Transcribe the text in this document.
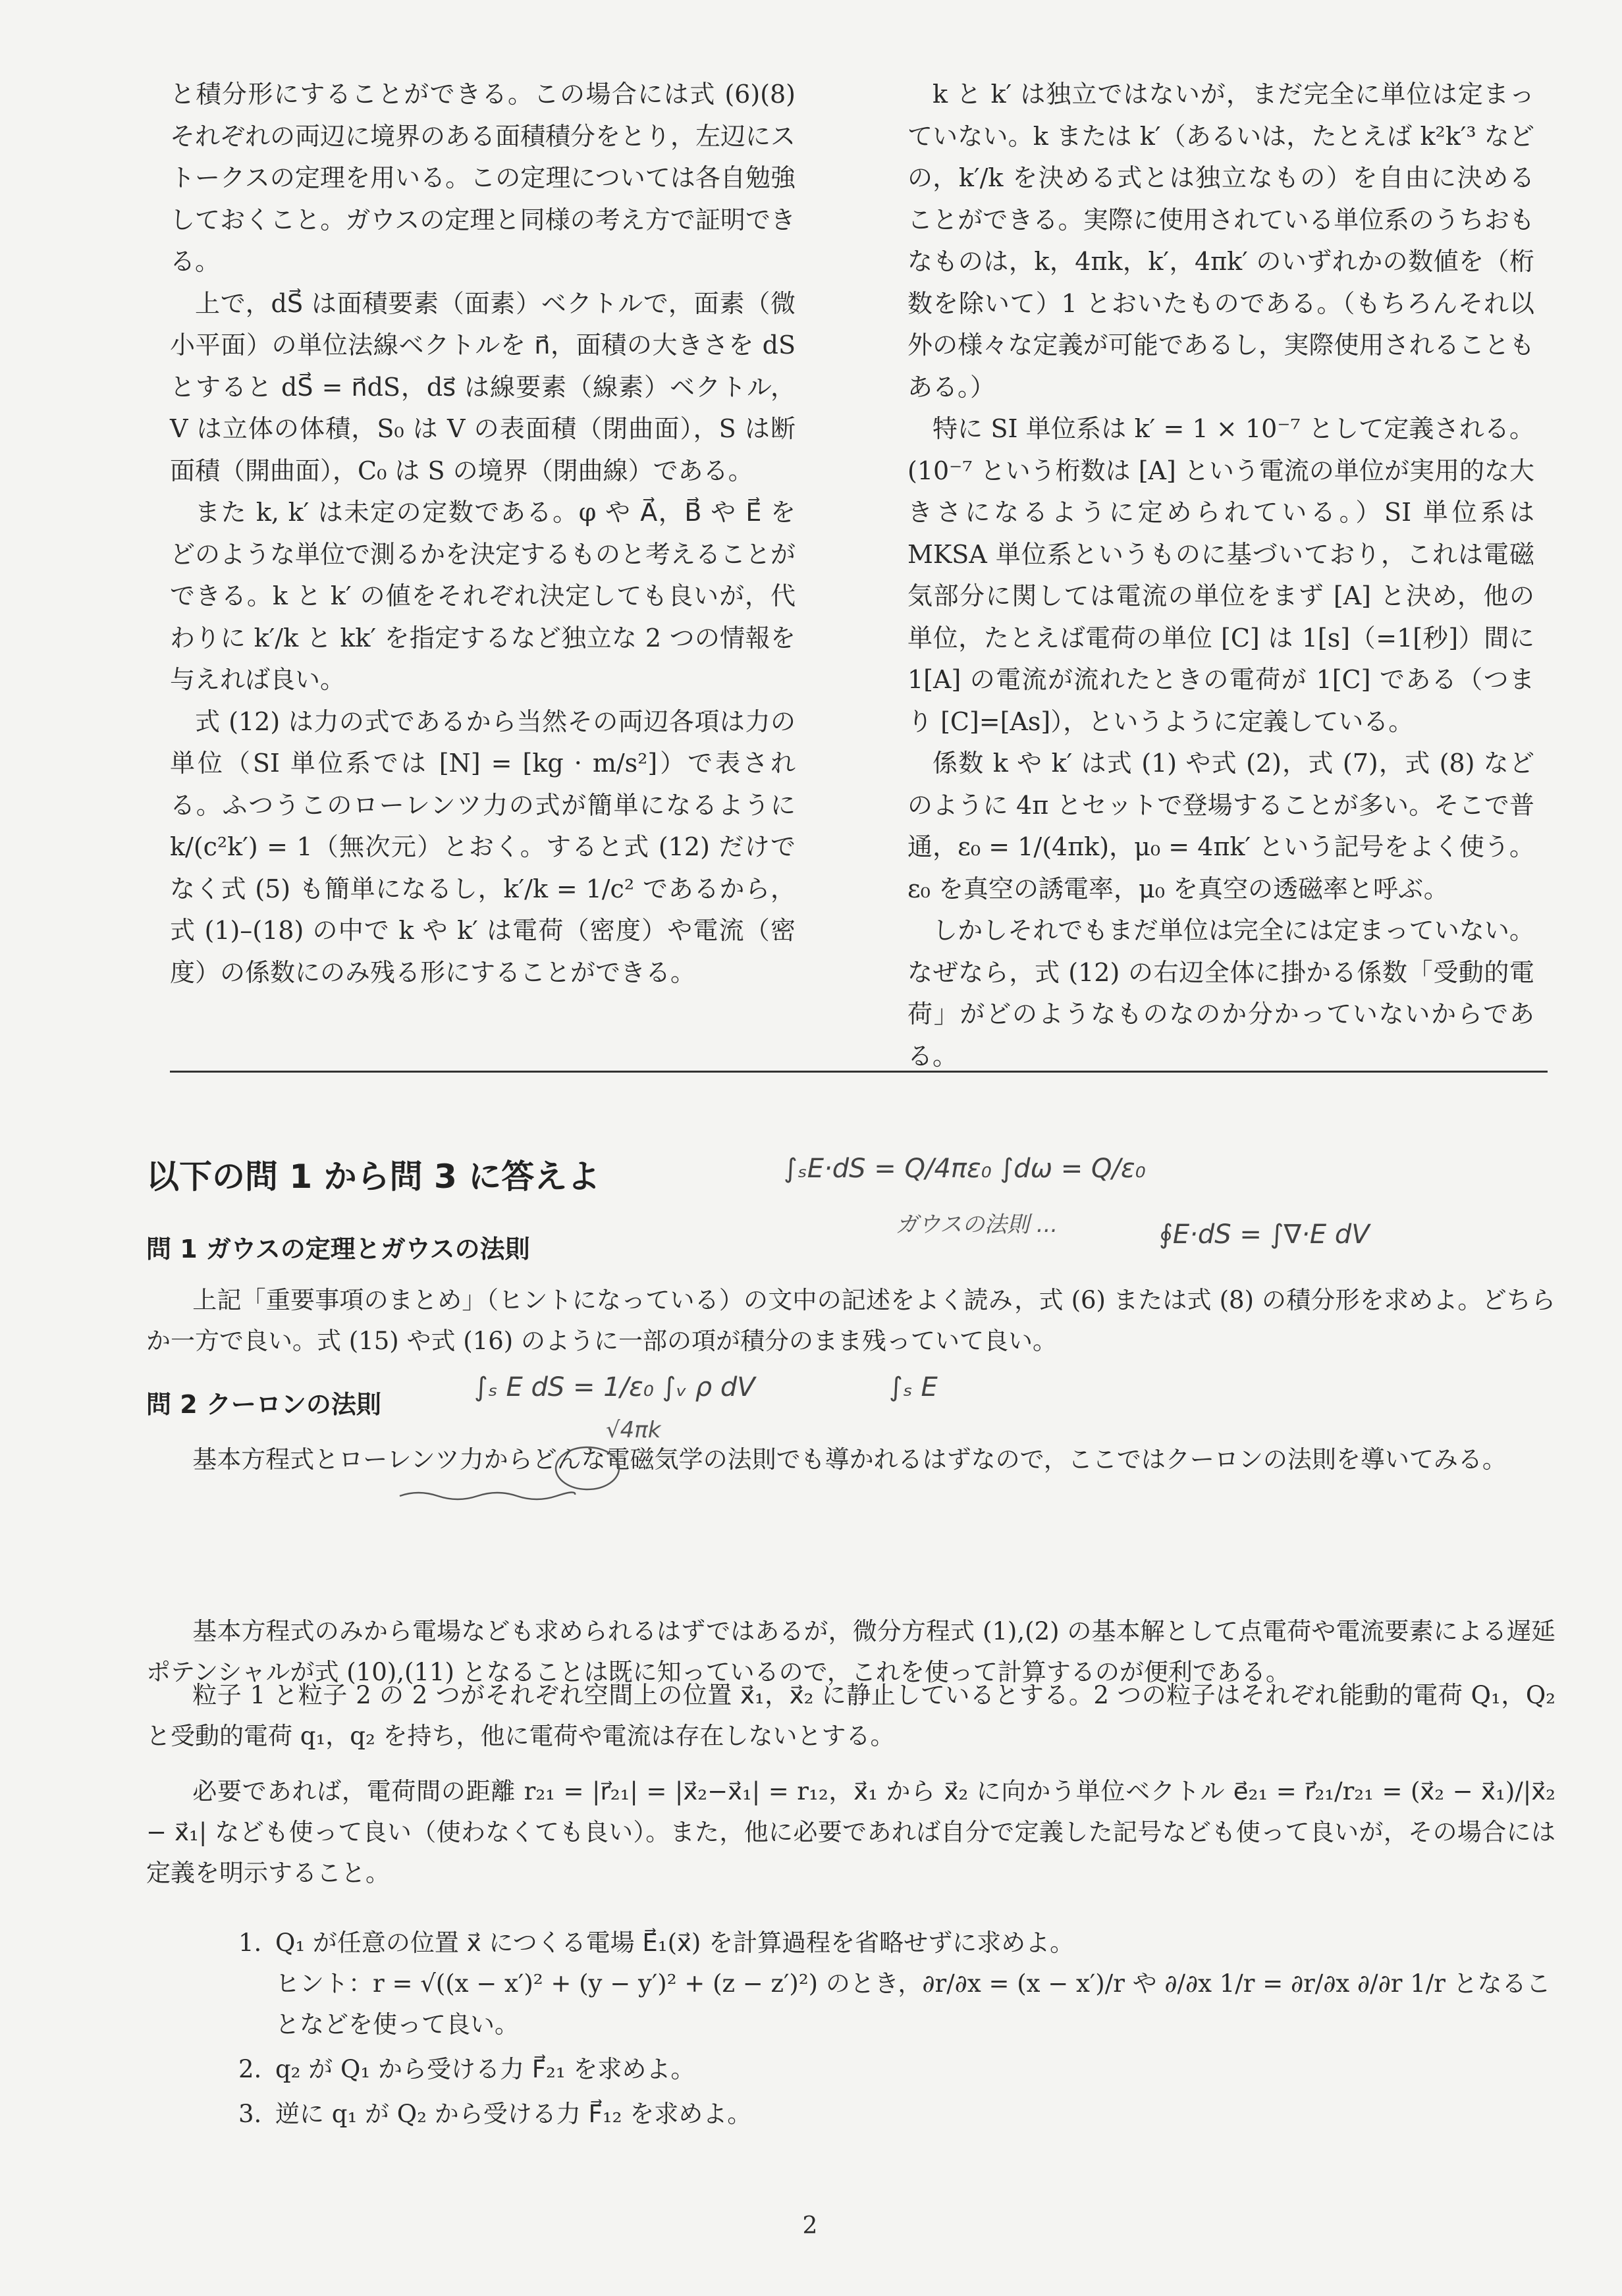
と積分形にすることができる。この場合には式 (6)(8) それぞれの両辺に境界のある面積積分をとり，左辺にストークスの定理を用いる。この定理については各自勉強しておくこと。ガウスの定理と同様の考え方で証明できる。

上で，dS⃗ は面積要素（面素）ベクトルで，面素（微小平面）の単位法線ベクトルを n⃗，面積の大きさを dS とすると dS⃗ = n⃗dS，ds⃗ は線要素（線素）ベクトル，V は立体の体積，S₀ は V の表面積（閉曲面），S は断面積（開曲面），C₀ は S の境界（閉曲線）である。

また k, k′ は未定の定数である。φ や A⃗，B⃗ や E⃗ をどのような単位で測るかを決定するものと考えることができる。k と k′ の値をそれぞれ決定しても良いが，代わりに k′/k と kk′ を指定するなど独立な 2 つの情報を与えれば良い。

式 (12) は力の式であるから当然その両辺各項は力の単位（SI 単位系では [N] = [kg · m/s²]）で表される。ふつうこのローレンツ力の式が簡単になるように k/(c²k′) = 1（無次元）とおく。すると式 (12) だけでなく式 (5) も簡単になるし，k′/k = 1/c² であるから，式 (1)–(18) の中で k や k′ は電荷（密度）や電流（密度）の係数にのみ残る形にすることができる。

k と k′ は独立ではないが，まだ完全に単位は定まっていない。k または k′（あるいは，たとえば k²k′³ などの，k′/k を決める式とは独立なもの）を自由に決めることができる。実際に使用されている単位系のうちおもなものは，k，4πk，k′，4πk′ のいずれかの数値を（桁数を除いて）1 とおいたものである。（もちろんそれ以外の様々な定義が可能であるし，実際使用されることもある。）

特に SI 単位系は k′ = 1 × 10⁻⁷ として定義される。(10⁻⁷ という桁数は [A] という電流の単位が実用的な大きさになるように定められている。）SI 単位系は MKSA 単位系というものに基づいており，これは電磁気部分に関しては電流の単位をまず [A] と決め，他の単位，たとえば電荷の単位 [C] は 1[s]（=1[秒]）間に 1[A] の電流が流れたときの電荷が 1[C] である（つまり [C]=[As]），というように定義している。

係数 k や k′ は式 (1) や式 (2)，式 (7)，式 (8) などのように 4π とセットで登場することが多い。そこで普通，ε₀ = 1/(4πk)，μ₀ = 4πk′ という記号をよく使う。ε₀ を真空の誘電率，μ₀ を真空の透磁率と呼ぶ。

しかしそれでもまだ単位は完全には定まっていない。なぜなら，式 (12) の右辺全体に掛かる係数「受動的電荷」がどのようなものなのか分かっていないからである。

以下の問 1 から問 3 に答えよ
問 1 ガウスの定理とガウスの法則

上記「重要事項のまとめ」（ヒントになっている）の文中の記述をよく読み，式 (6) または式 (8) の積分形を求めよ。どちらか一方で良い。式 (15) や式 (16) のように一部の項が積分のまま残っていて良い。

問 2 クーロンの法則

基本方程式とローレンツ力からどんな電磁気学の法則でも導かれるはずなので，ここではクーロンの法則を導いてみる。

基本方程式のみから電場なども求められるはずではあるが，微分方程式 (1),(2) の基本解として点電荷や電流要素による遅延ポテンシャルが式 (10),(11) となることは既に知っているので，これを使って計算するのが便利である。

粒子 1 と粒子 2 の 2 つがそれぞれ空間上の位置 x⃗₁，x⃗₂ に静止しているとする。2 つの粒子はそれぞれ能動的電荷 Q₁，Q₂ と受動的電荷 q₁，q₂ を持ち，他に電荷や電流は存在しないとする。

必要であれば，電荷間の距離 r₂₁ = |r⃗₂₁| = |x⃗₂−x⃗₁| = r₁₂，x⃗₁ から x⃗₂ に向かう単位ベクトル e⃗₂₁ = r⃗₂₁/r₂₁ = (x⃗₂ − x⃗₁)/|x⃗₂ − x⃗₁| なども使って良い（使わなくても良い）。また，他に必要であれば自分で定義した記号なども使って良いが，その場合には定義を明示すること。

1. Q₁ が任意の位置 x⃗ につくる電場 E⃗₁(x⃗) を計算過程を省略せずに求めよ。
ヒント：r = √((x − x′)² + (y − y′)² + (z − z′)²) のとき，∂r/∂x = (x − x′)/r や ∂/∂x 1/r = ∂r/∂x ∂/∂r 1/r となることなどを使って良い。
2. q₂ が Q₁ から受ける力 F⃗₂₁ を求めよ。
3. 逆に q₁ が Q₂ から受ける力 F⃗₁₂ を求めよ。
∫ₛE·dS = Q/4πε₀ ∫dω = Q/ε₀
ガウスの法則 ...	∮E·dS = ∫∇·E dV
∫ₛ E dS = 1/ε₀ ∫ᵥ ρ dV
√4πk
∫ₛ E
2
